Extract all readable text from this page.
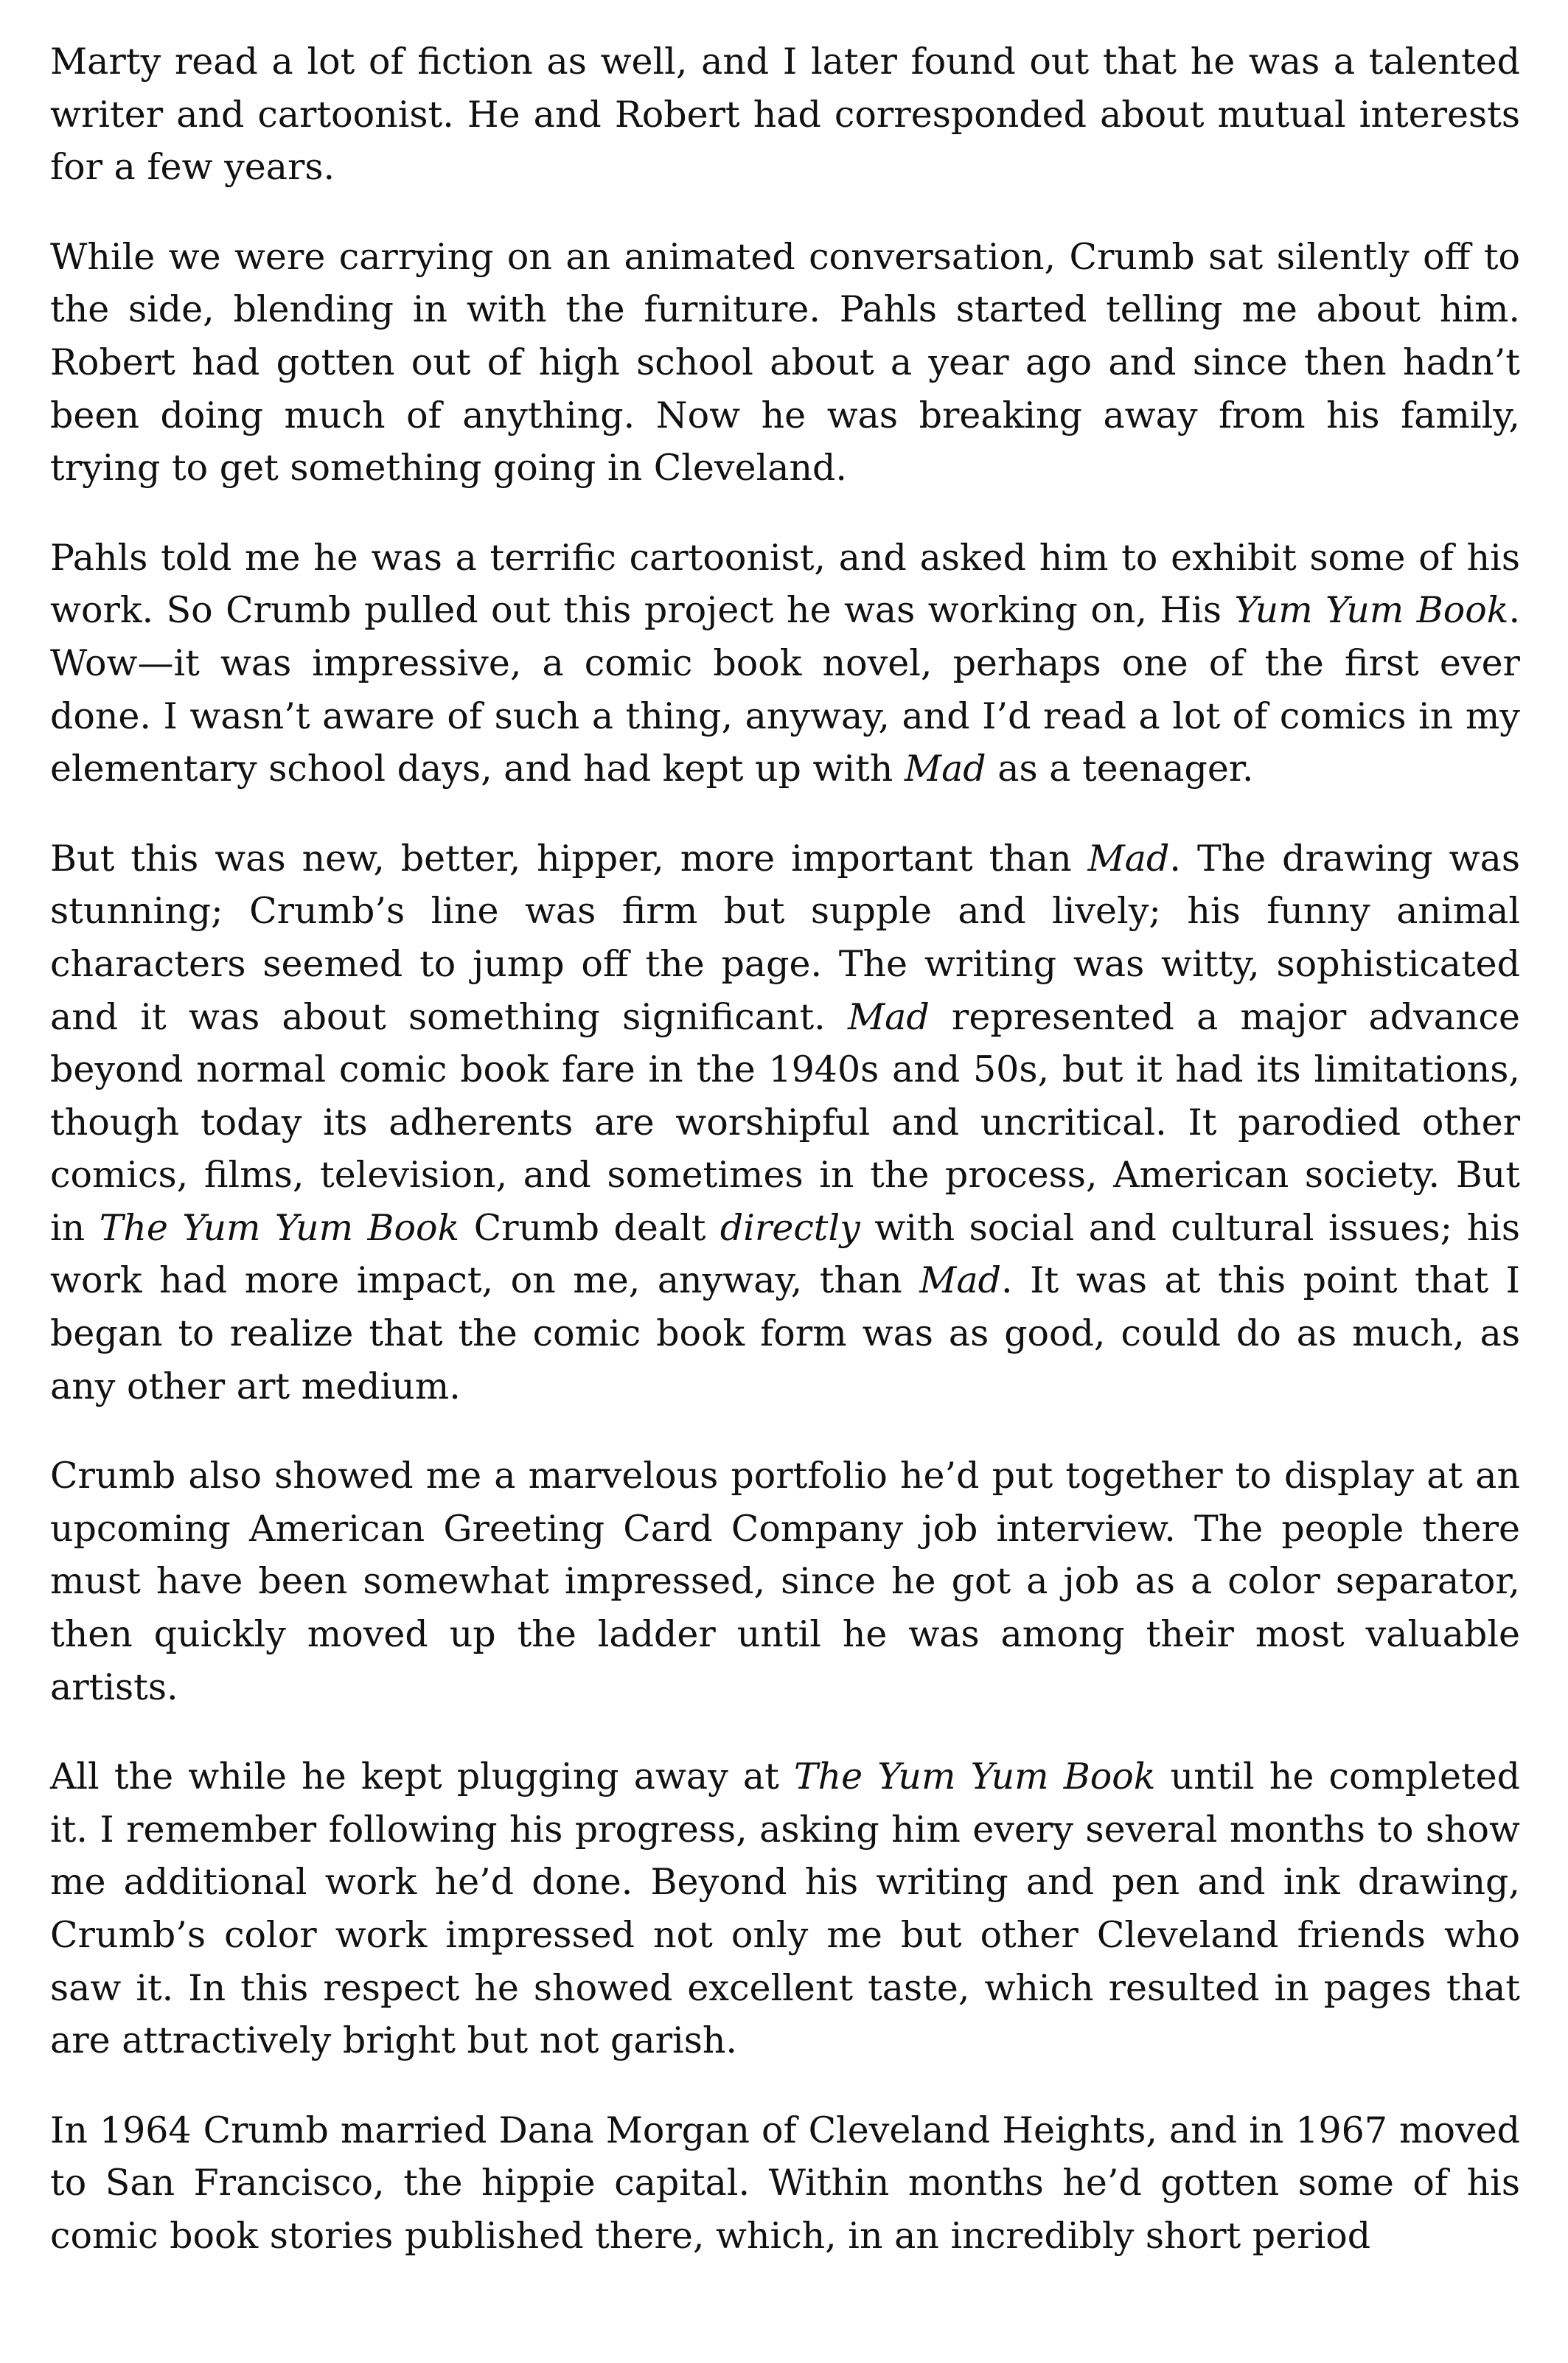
Marty read a lot of fiction as well, and I later found out that he was a talented writer and cartoonist. He and Robert had corresponded about mutual interests for a few years.

While we were carrying on an animated conversation, Crumb sat silently off to the side, blending in with the furniture. Pahls started telling me about him. Robert had gotten out of high school about a year ago and since then hadn’t been doing much of anything. Now he was breaking away from his family, trying to get something going in Cleveland.

Pahls told me he was a terrific cartoonist, and asked him to exhibit some of his work. So Crumb pulled out this project he was working on, His Yum Yum Book. Wow—it was impressive, a comic book novel, perhaps one of the first ever done. I wasn’t aware of such a thing, anyway, and I’d read a lot of comics in my elementary school days, and had kept up with Mad as a teenager.

But this was new, better, hipper, more important than Mad. The drawing was stunning; Crumb’s line was firm but supple and lively; his funny animal characters seemed to jump off the page. The writing was witty, sophisticated and it was about something significant. Mad represented a major advance beyond normal comic book fare in the 1940s and 50s, but it had its limitations, though today its adherents are worshipful and uncritical. It parodied other comics, films, television, and sometimes in the process, American society. But in The Yum Yum Book Crumb dealt directly with social and cultural issues; his work had more impact, on me, anyway, than Mad. It was at this point that I began to realize that the comic book form was as good, could do as much, as any other art medium.

Crumb also showed me a marvelous portfolio he’d put together to display at an upcoming American Greeting Card Company job interview. The people there must have been somewhat impressed, since he got a job as a color separator, then quickly moved up the ladder until he was among their most valuable artists.

All the while he kept plugging away at The Yum Yum Book until he completed it. I remember following his progress, asking him every several months to show me additional work he’d done. Beyond his writing and pen and ink drawing, Crumb’s color work impressed not only me but other Cleveland friends who saw it. In this respect he showed excellent taste, which resulted in pages that are attractively bright but not garish.

In 1964 Crumb married Dana Morgan of Cleveland Heights, and in 1967 moved to San Francisco, the hippie capital. Within months he’d gotten some of his comic book stories published there, which, in an incredibly short period
